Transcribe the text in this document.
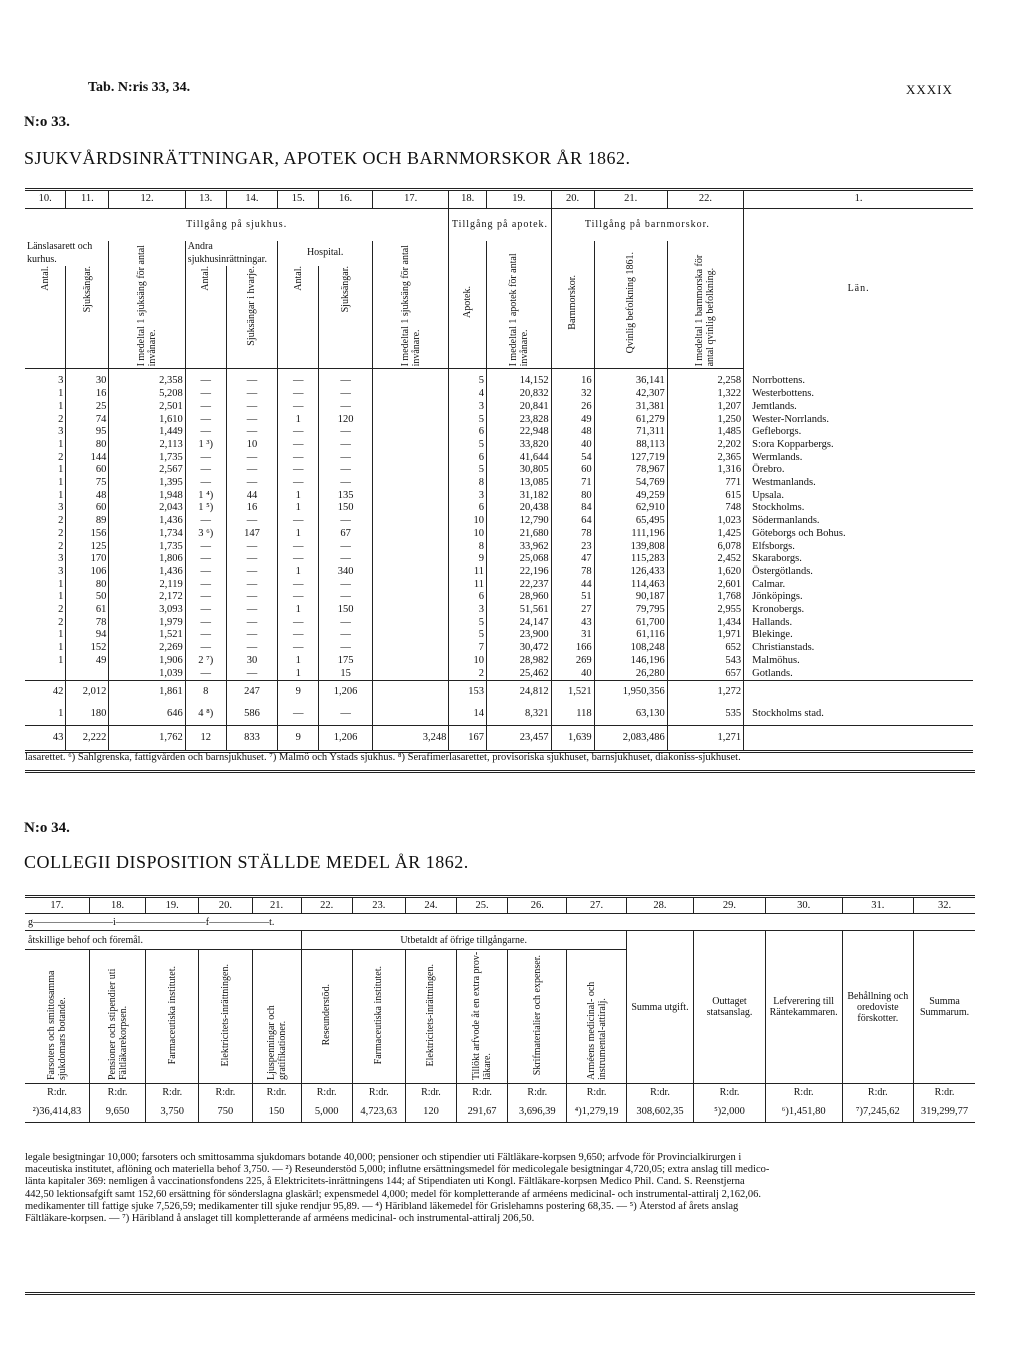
Tab. N:ris 33, 34.	XXXIX
N:o 33.
SJUKVÅRDSINRÄTTNINGAR, APOTEK OCH BARNMORSKOR ÅR 1862.
10.	11.	12.	13.	14.	15.	16.	17.	18.	19.	20.	21.	22.	1.
Tillgång på sjukhus.								Tillgång på apotek.		Tillgång på barnmorskor.			Län.
Länslasarett och kurhus.		I medeltal 1 sjuksäng för antal invånare.	Andra sjukhusinrättningar.		Hospital.		I medeltal 1 sjuksäng för antal invånare.	Apotek.	I medeltal 1 apotek för antal invånare.	Barnmorskor.	Qvinlig befolkning 1861.	I medeltal 1 barnmorska för antal qvinlig befolkning.	
Antal.	Sjuksängar.		Antal.	Sjuksängar i hvarje.	Antal.	Sjuksängar.							
3	30	2,358	—	—	—	—		5	14,152	16	36,141	2,258	Norrbottens.
1	16	5,208	—	—	—	—		4	20,832	32	42,307	1,322	Westerbottens.
1	25	2,501	—	—	—	—		3	20,841	26	31,381	1,207	Jemtlands.
2	74	1,610	—	—	1	120		5	23,828	49	61,279	1,250	Wester-Norrlands.
3	95	1,449	—	—	—	—		6	22,948	48	71,311	1,485	Gefleborgs.
1	80	2,113	1 ³)	10	—	—		5	33,820	40	88,113	2,202	S:ora Kopparbergs.
2	144	1,735	—	—	—	—		6	41,644	54	127,719	2,365	Wermlands.
1	60	2,567	—	—	—	—		5	30,805	60	78,967	1,316	Örebro.
1	75	1,395	—	—	—	—		8	13,085	71	54,769	771	Westmanlands.
1	48	1,948	1 ⁴)	44	1	135		3	31,182	80	49,259	615	Upsala.
3	60	2,043	1 ⁵)	16	1	150		6	20,438	84	62,910	748	Stockholms.
2	89	1,436	—	—	—	—		10	12,790	64	65,495	1,023	Södermanlands.
2	156	1,734	3 ⁶)	147	1	67		10	21,680	78	111,196	1,425	Göteborgs och Bohus.
2	125	1,735	—	—	—	—		8	33,962	23	139,808	6,078	Elfsborgs.
3	170	1,806	—	—	—	—		9	25,068	47	115,283	2,452	Skaraborgs.
3	106	1,436	—	—	1	340		11	22,196	78	126,433	1,620	Östergötlands.
1	80	2,119	—	—	—	—		11	22,237	44	114,463	2,601	Calmar.
1	50	2,172	—	—	—	—		6	28,960	51	90,187	1,768	Jönköpings.
2	61	3,093	—	—	1	150		3	51,561	27	79,795	2,955	Kronobergs.
2	78	1,979	—	—	—	—		5	24,147	43	61,700	1,434	Hallands.
1	94	1,521	—	—	—	—		5	23,900	31	61,116	1,971	Blekinge.
1	152	2,269	—	—	—	—		7	30,472	166	108,248	652	Christianstads.
1	49	1,906	2 ⁷)	30	1	175		10	28,982	269	146,196	543	Malmöhus.
		1,039	—	—	1	15		2	25,462	40	26,280	657	Gotlands.
42	2,012	1,861	8	247	9	1,206		153	24,812	1,521	1,950,356	1,272	
1	180	646	4 ⁸)	586	—	—		14	8,321	118	63,130	535	Stockholms stad.
43	2,222	1,762	12	833	9	1,206	3,248	167	23,457	1,639	2,083,486	1,271	
lasarettet. ⁶) Sahlgrenska, fattigvården och barnsjukhuset. ⁷) Malmö och Ystads sjukhus. ⁸) Serafimerlasarettet, provisoriska sjukhuset, barnsjukhuset, diakoniss-sjukhuset.
N:o 34.
COLLEGII DISPOSITION STÄLLDE MEDEL ÅR 1862.
17.	18.	19.	20.	21.	22.	23.	24.	25.	26.	27.	28.	29.	30.	31.	32.
g————————i—————————f——————t.															
åtskillige behof och föremål.					Utbetaldt af öfrige tillgångarne.						Summa utgift.	Outtaget statsanslag.	Lefverering till Räntekammaren.	Behållning och oredoviste förskotter.	Summa Summarum.
Farsoters och smittosamma sjukdomars botande.	Pensioner och stipendier uti Fältläkarekorpsen.	Farmaceutiska institutet.	Elektricitets-inrättningen.	Ljuspenningar och gratifikationer.	Reseunderstöd.	Farmaceutiska institutet.	Elektricitets-inrättningen.	Tillökt arfvode åt en extra prov-läkare.	Skrifmaterialier och expenser.	Arméens medicinal- och instrumental-attiralj.					
R:dr.	R:dr.	R:dr.	R:dr.	R:dr.	R:dr.	R:dr.	R:dr.	R:dr.	R:dr.	R:dr.	R:dr.	R:dr.	R:dr.	R:dr.	R:dr.
²)36,414,83	9,650	3,750	750	150	5,000	4,723,63	120	291,67	3,696,39	⁴)1,279,19	308,602,35	⁵)2,000	⁶)1,451,80	⁷)7,245,62	319,299,77

legale besigtningar 10,000; farsoters och smittosamma sjukdomars botande 40,000; pensioner och stipendier uti Fältläkare-korpsen 9,650; arfvode för Provincialkirurgen i

maceutiska institutet, aflöning och materiella behof 3,750. — ²) Reseunderstöd 5,000; influtne ersättningsmedel för medicolegale besigtningar 4,720,05; extra anslag till medico-

länta kapitaler 369: nemligen å vaccinationsfondens 225, å Elektricitets-inrättningens 144; af Stipendiaten uti Kongl. Fältläkare-korpsen Medico Phil. Cand. S. Reenstjerna

442,50 lektionsafgift samt 152,60 ersättning för sönderslagna glaskärl; expensmedel 4,000; medel för kompletterande af arméens medicinal- och instrumental-attiralj 2,162,06.

medikamenter till fattige sjuke 7,526,59; medikamenter till sjuke rendjur 95,89. — ⁴) Häribland läkemedel för Grislehamns postering 68,35. — ⁵) Återstod af årets anslag

Fältläkare-korpsen. — ⁷) Häribland å anslaget till kompletterande af arméens medicinal- och instrumental-attiralj 206,50.
